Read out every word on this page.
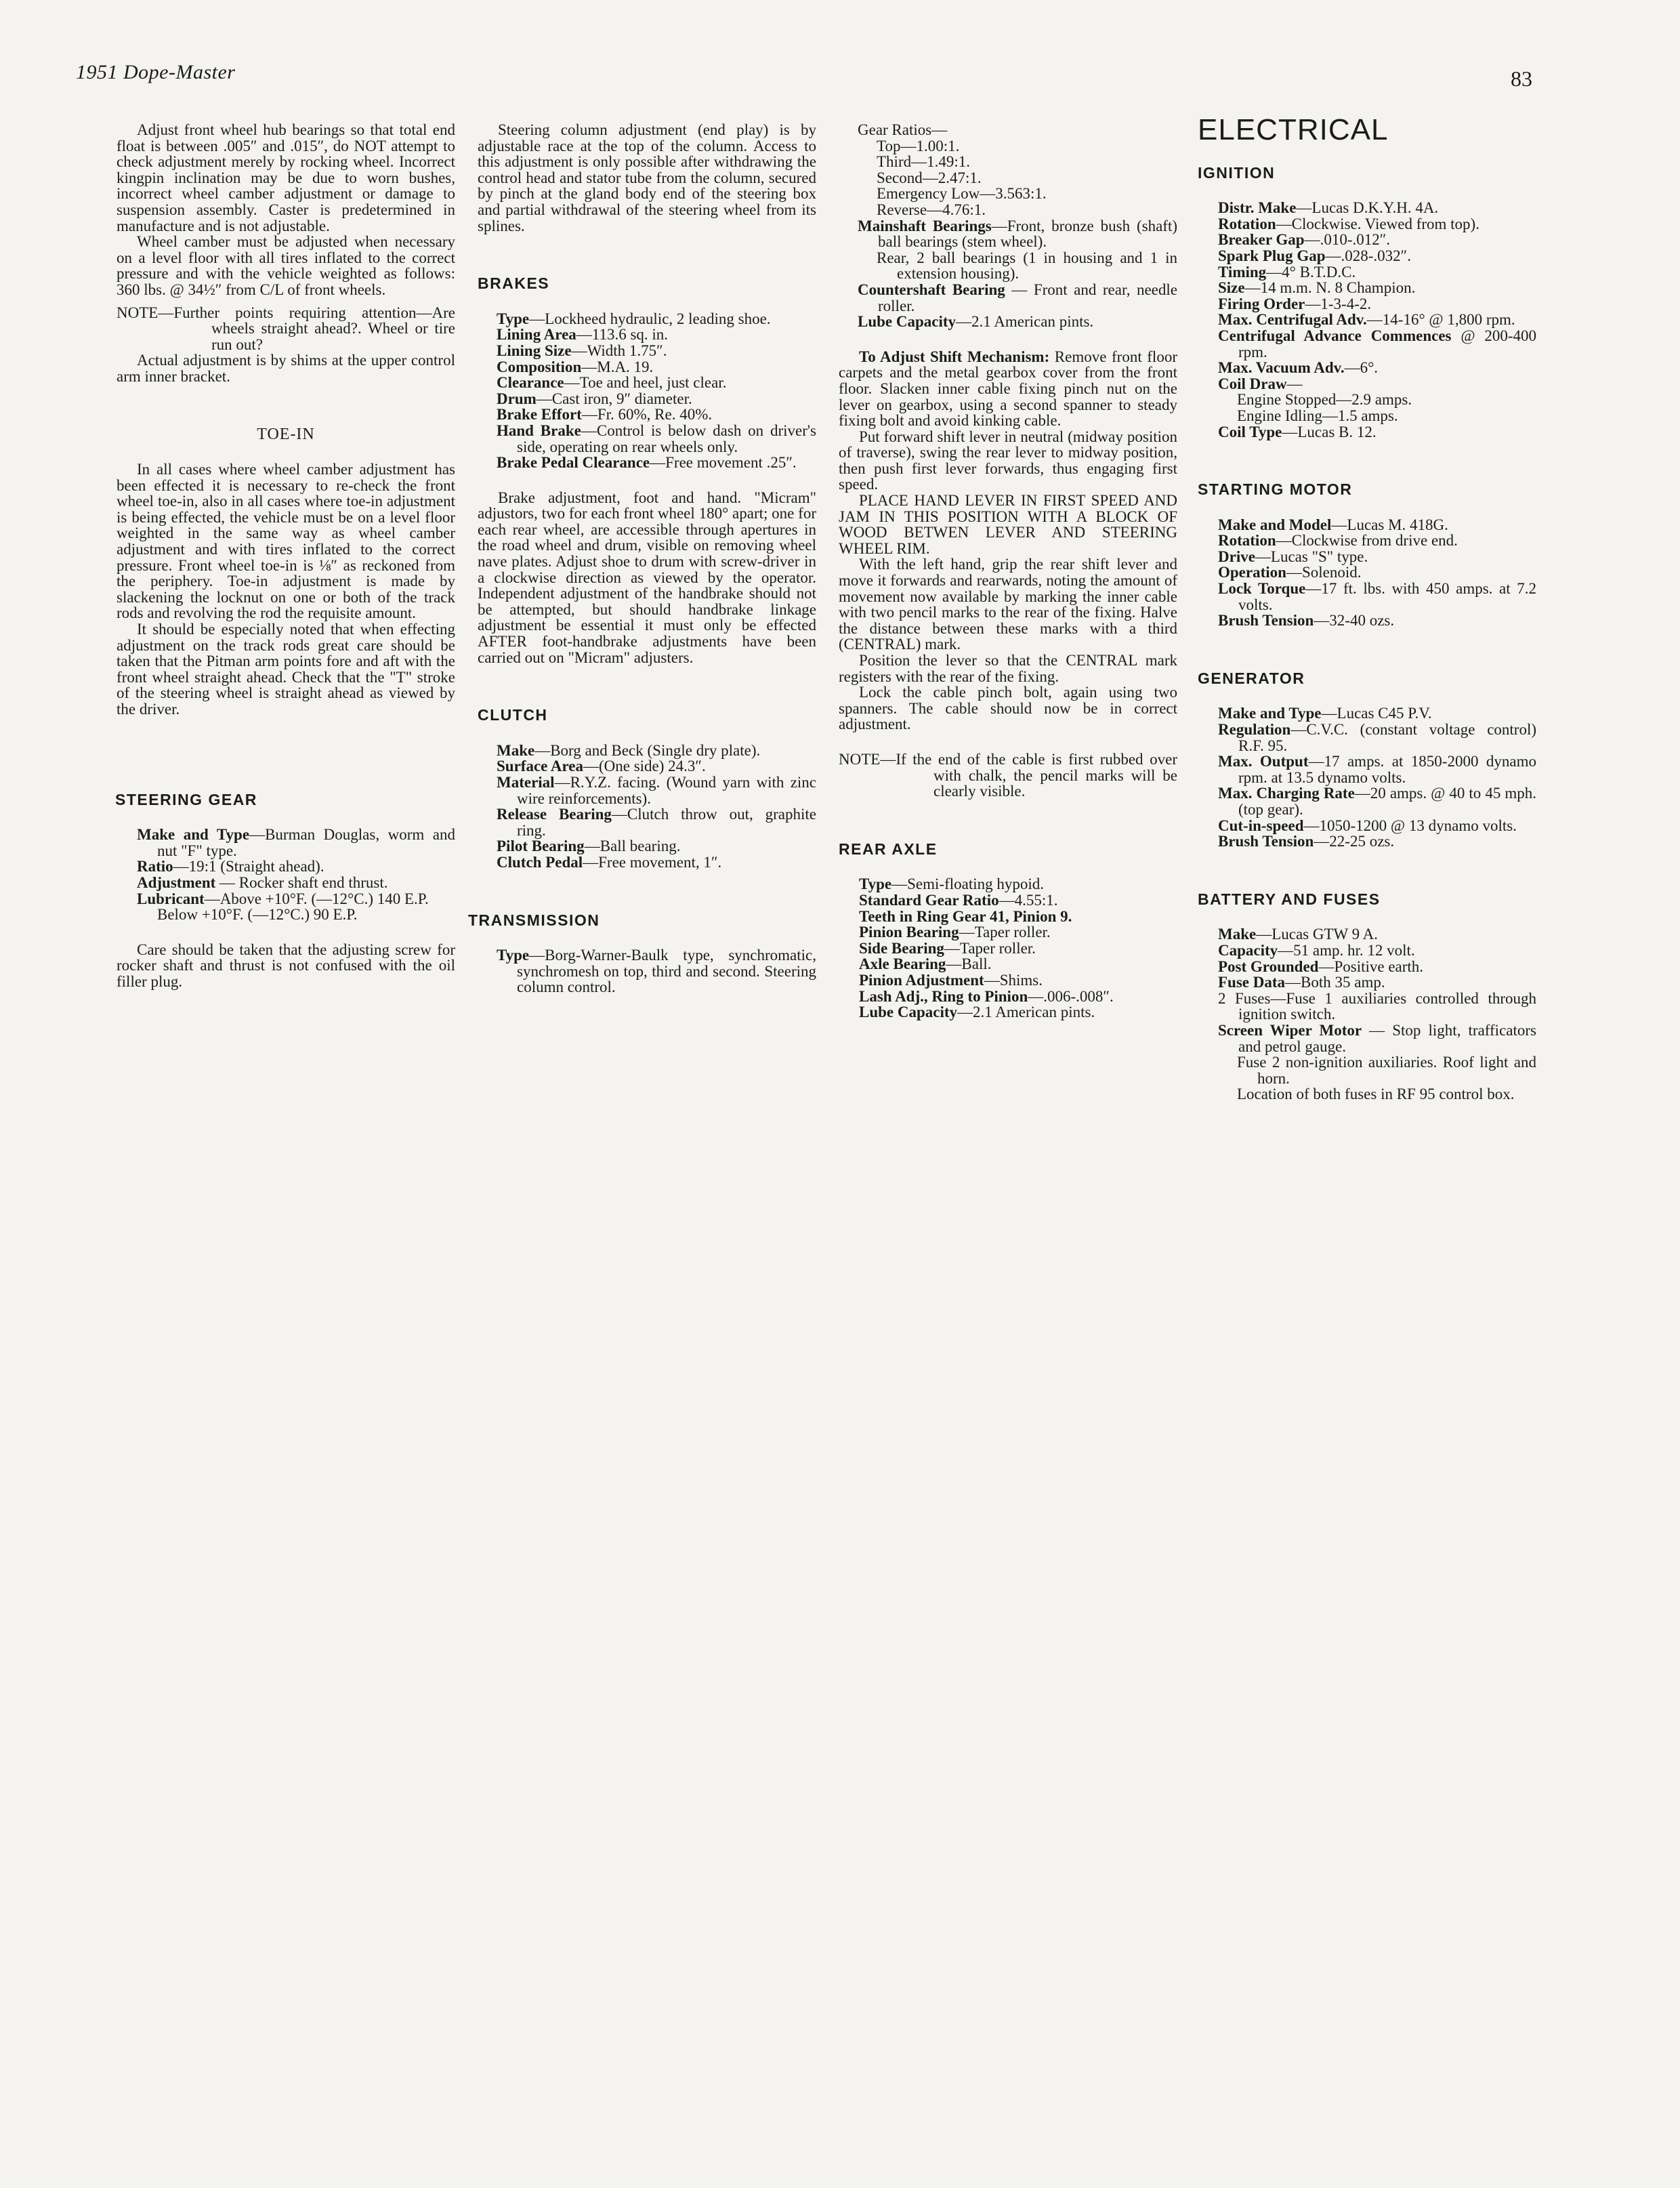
1951 Dope-Master	83

Adjust front wheel hub bearings so that total end float is between .005″ and .015″, do NOT attempt to check adjustment merely by rocking wheel. Incorrect kingpin inclination may be due to worn bushes, incorrect wheel camber adjustment or damage to suspension assembly. Caster is predetermined in manufacture and is not adjustable.

Wheel camber must be adjusted when necessary on a level floor with all tires inflated to the correct pressure and with the vehicle weighted as follows: 360 lbs. @ 34½″ from C/L of front wheels.

NOTE—Further points requiring attention—Are wheels straight ahead?. Wheel or tire run out?

Actual adjustment is by shims at the upper control arm inner bracket.

TOE-IN

In all cases where wheel camber adjustment has been effected it is necessary to re-check the front wheel toe-in, also in all cases where toe-in adjustment is being effected, the vehicle must be on a level floor weighted in the same way as wheel camber adjustment and with tires inflated to the correct pressure. Front wheel toe-in is ⅛″ as reckoned from the periphery. Toe-in adjustment is made by slackening the locknut on one or both of the track rods and revolving the rod the requisite amount.

It should be especially noted that when effecting adjustment on the track rods great care should be taken that the Pitman arm points fore and aft with the front wheel straight ahead. Check that the "T" stroke of the steering wheel is straight ahead as viewed by the driver.

STEERING GEAR

Make and Type—Burman Douglas, worm and nut "F" type.

Ratio—19:1 (Straight ahead).

Adjustment — Rocker shaft end thrust.

Lubricant—Above +10°F. (—12°C.) 140 E.P.

Below +10°F. (—12°C.) 90 E.P.

Care should be taken that the adjusting screw for rocker shaft and thrust is not confused with the oil filler plug.

Steering column adjustment (end play) is by adjustable race at the top of the column. Access to this adjustment is only possible after withdrawing the control head and stator tube from the column, secured by pinch at the gland body end of the steering box and partial withdrawal of the steering wheel from its splines.

BRAKES

Type—Lockheed hydraulic, 2 leading shoe.

Lining Area—113.6 sq. in.

Lining Size—Width 1.75″.

Composition—M.A. 19.

Clearance—Toe and heel, just clear.

Drum—Cast iron, 9″ diameter.

Brake Effort—Fr. 60%, Re. 40%.

Hand Brake—Control is below dash on driver's side, operating on rear wheels only.

Brake Pedal Clearance—Free movement .25″.

Brake adjustment, foot and hand. "Micram" adjustors, two for each front wheel 180° apart; one for each rear wheel, are accessible through apertures in the road wheel and drum, visible on removing wheel nave plates. Adjust shoe to drum with screw-driver in a clockwise direction as viewed by the operator. Independent adjustment of the handbrake should not be attempted, but should handbrake linkage adjustment be essential it must only be effected AFTER foot-handbrake adjustments have been carried out on "Micram" adjusters.

CLUTCH

Make—Borg and Beck (Single dry plate).

Surface Area—(One side) 24.3″.

Material—R.Y.Z. facing. (Wound yarn with zinc wire reinforcements).

Release Bearing—Clutch throw out, graphite ring.

Pilot Bearing—Ball bearing.

Clutch Pedal—Free movement, 1″.

TRANSMISSION

Type—Borg-Warner-Baulk type, synchromatic, synchromesh on top, third and second. Steering column control.

Gear Ratios—

Top—1.00:1.

Third—1.49:1.

Second—2.47:1.

Emergency Low—3.563:1.

Reverse—4.76:1.

Mainshaft Bearings—Front, bronze bush (shaft) ball bearings (stem wheel).

Rear, 2 ball bearings (1 in housing and 1 in extension housing).

Countershaft Bearing — Front and rear, needle roller.

Lube Capacity—2.1 American pints.

To Adjust Shift Mechanism: Remove front floor carpets and the metal gearbox cover from the front floor. Slacken inner cable fixing pinch nut on the lever on gearbox, using a second spanner to steady fixing bolt and avoid kinking cable.

Put forward shift lever in neutral (midway position of traverse), swing the rear lever to midway position, then push first lever forwards, thus engaging first speed.

PLACE HAND LEVER IN FIRST SPEED AND JAM IN THIS POSITION WITH A BLOCK OF WOOD BETWEN LEVER AND STEERING WHEEL RIM.

With the left hand, grip the rear shift lever and move it forwards and rearwards, noting the amount of movement now available by marking the inner cable with two pencil marks to the rear of the fixing. Halve the distance between these marks with a third (CENTRAL) mark.

Position the lever so that the CENTRAL mark registers with the rear of the fixing.

Lock the cable pinch bolt, again using two spanners. The cable should now be in correct adjustment.

NOTE—If the end of the cable is first rubbed over with chalk, the pencil marks will be clearly visible.

REAR AXLE

Type—Semi-floating hypoid.

Standard Gear Ratio—4.55:1.

Teeth in Ring Gear 41, Pinion 9.

Pinion Bearing—Taper roller.

Side Bearing—Taper roller.

Axle Bearing—Ball.

Pinion Adjustment—Shims.

Lash Adj., Ring to Pinion—.006-.008″.

Lube Capacity—2.1 American pints.

ELECTRICAL

IGNITION

Distr. Make—Lucas D.K.Y.H. 4A.

Rotation—Clockwise. Viewed from top).

Breaker Gap—.010-.012″.

Spark Plug Gap—.028-.032″.

Timing—4° B.T.D.C.

Size—14 m.m. N. 8 Champion.

Firing Order—1-3-4-2.

Max. Centrifugal Adv.—14-16° @ 1,800 rpm.

Centrifugal Advance Commences @ 200-400 rpm.

Max. Vacuum Adv.—6°.

Coil Draw—

Engine Stopped—2.9 amps.

Engine Idling—1.5 amps.

Coil Type—Lucas B. 12.

STARTING MOTOR

Make and Model—Lucas M. 418G.

Rotation—Clockwise from drive end.

Drive—Lucas "S" type.

Operation—Solenoid.

Lock Torque—17 ft. lbs. with 450 amps. at 7.2 volts.

Brush Tension—32-40 ozs.

GENERATOR

Make and Type—Lucas C45 P.V.

Regulation—C.V.C. (constant voltage control) R.F. 95.

Max. Output—17 amps. at 1850-2000 dynamo rpm. at 13.5 dynamo volts.

Max. Charging Rate—20 amps. @ 40 to 45 mph. (top gear).

Cut-in-speed—1050-1200 @ 13 dynamo volts.

Brush Tension—22-25 ozs.

BATTERY AND FUSES

Make—Lucas GTW 9 A.

Capacity—51 amp. hr. 12 volt.

Post Grounded—Positive earth.

Fuse Data—Both 35 amp.

2 Fuses—Fuse 1 auxiliaries controlled through ignition switch.

Screen Wiper Motor — Stop light, trafficators and petrol gauge.

Fuse 2 non-ignition auxiliaries. Roof light and horn.

Location of both fuses in RF 95 control box.
